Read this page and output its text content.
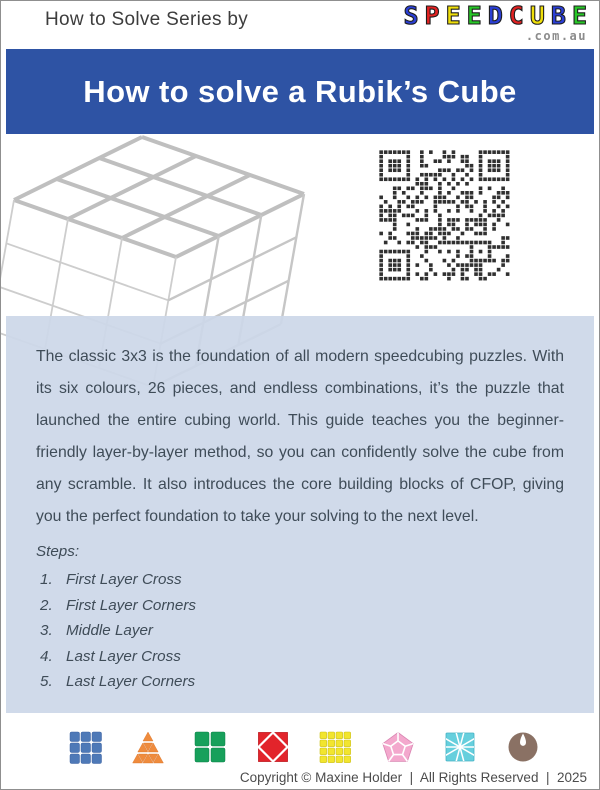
How to Solve Series by	SPEEDCUBE
.com.au
How to solve a Rubik’s Cube

The classic 3x3 is the foundation of all modern speedcubing puzzles. With its six colours, 26 pieces, and endless combinations, it’s the puzzle that launched the entire cubing world. This guide teaches you the beginner-friendly layer-by-layer method, so you can confidently solve the cube from any scramble. It also introduces the core building blocks of CFOP, giving you the perfect foundation to take your solving to the next level.

Steps:
1. First Layer Cross
2. First Layer Corners
3. Middle Layer
4. Last Layer Cross
5. Last Layer Corners
Copyright © Maxine Holder  |  All Rights Reserved  |  2025
